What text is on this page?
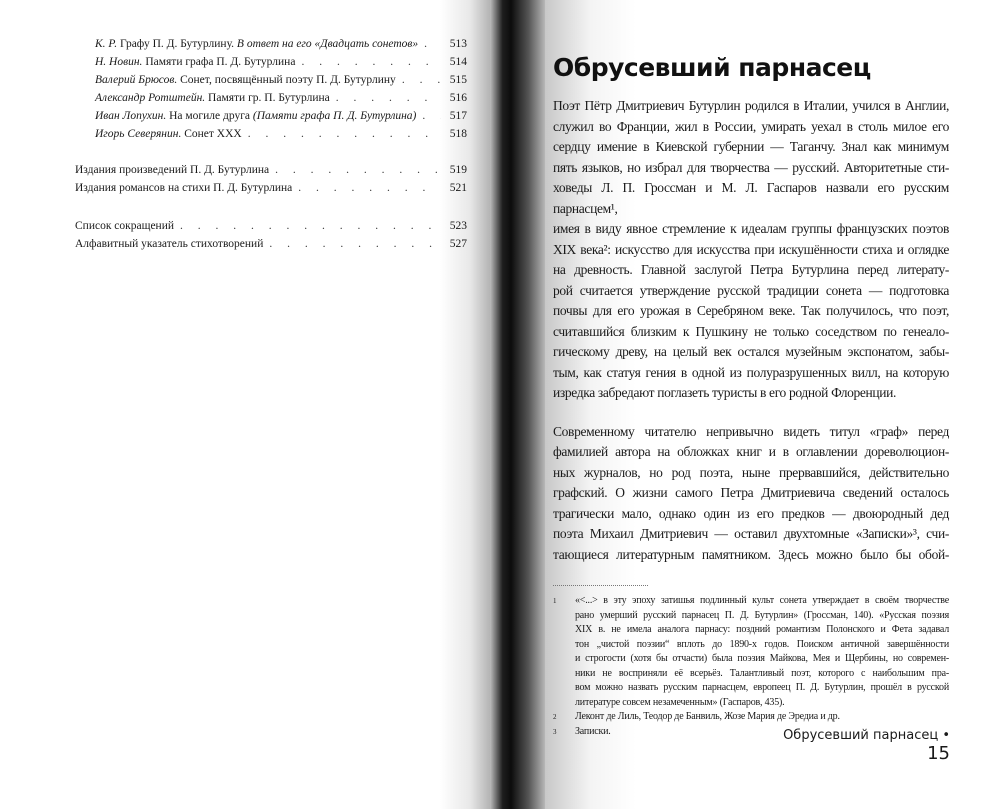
К. Р. Графу П. Д. Бутурлину. В ответ на его «Двадцать сонетов» . . .	513
Н. Новин. Памяти графа П. Д. Бутурлина . . .	514
Валерий Брюсов. Сонет, посвящённый поэту П. Д. Бутурлину . . .	515
Александр Ротштейн. Памяти гр. П. Бутурлина . . .	516
Иван Лопухин. На могиле друга (Памяти графа П. Д. Бутурлина) . . .	517
Игорь Северянин. Сонет XXX . . .	518
Издания произведений П. Д. Бутурлина . . .	519
Издания романсов на стихи П. Д. Бутурлина . . .	521
Список сокращений . . .	523
Алфавитный указатель стихотворений . . .	527
Обрусевший парнасец
Поэт Пётр Дмитриевич Бутурлин родился в Италии, учился в Англии,
служил во Франции, жил в России, умирать уехал в столь милое его
сердцу имение в Киевской губернии — Таганчу. Знал как минимум
пять языков, но избрал для творчества — русский. Авторитетные сти-
ховеды Л. П. Гроссман и М. Л. Гаспаров назвали его русским парнасцем¹,
имея в виду явное стремление к идеалам группы французских поэтов
XIX века²: искусство для искусства при искушённости стиха и оглядке
на древность. Главной заслугой Петра Бутурлина перед литерату-
рой считается утверждение русской традиции сонета — подготовка
почвы для его урожая в Серебряном веке. Так получилось, что поэт,
считавшийся близким к Пушкину не только соседством по генеало-
гическому древу, на целый век остался музейным экспонатом, забы-
тым, как статуя гения в одной из полуразрушенных вилл, на которую
изредка забредают поглазеть туристы в его родной Флоренции.
Современному читателю непривычно видеть титул «граф» перед
фамилией автора на обложках книг и в оглавлении дореволюцион-
ных журналов, но род поэта, ныне прервавшийся, действительно
графский. О жизни самого Петра Дмитриевича сведений осталось
трагически мало, однако один из его предков — двоюродный дед
поэта Михаил Дмитриевич — оставил двухтомные «Записки»³, счи-
тающиеся литературным памятником. Здесь можно было бы обой-
1	«<...> в эту эпоху затишья подлинный культ сонета утверждает в своём творчестве
рано умерший русский парнасец П. Д. Бутурлин» (Гроссман, 140). «Русская поэзия
XIX в. не имела аналога парнасу: поздний романтизм Полонского и Фета задавал
тон „чистой поэзии“ вплоть до 1890-х годов. Поиском античной завершённости
и строгости (хотя бы отчасти) была поэзия Майкова, Мея и Щербины, но современ-
ники не восприняли её всерьёз. Талантливый поэт, которого с наибольшим пра-
вом можно назвать русским парнасцем, европеец П. Д. Бутурлин, прошёл в русской
литературе совсем незамеченным» (Гаспаров, 435).
2	Леконт де Лиль, Теодор де Банвиль, Жозе Мария де Эредиа и др.
3	Записки.	Обрусевший парнасец • 15
